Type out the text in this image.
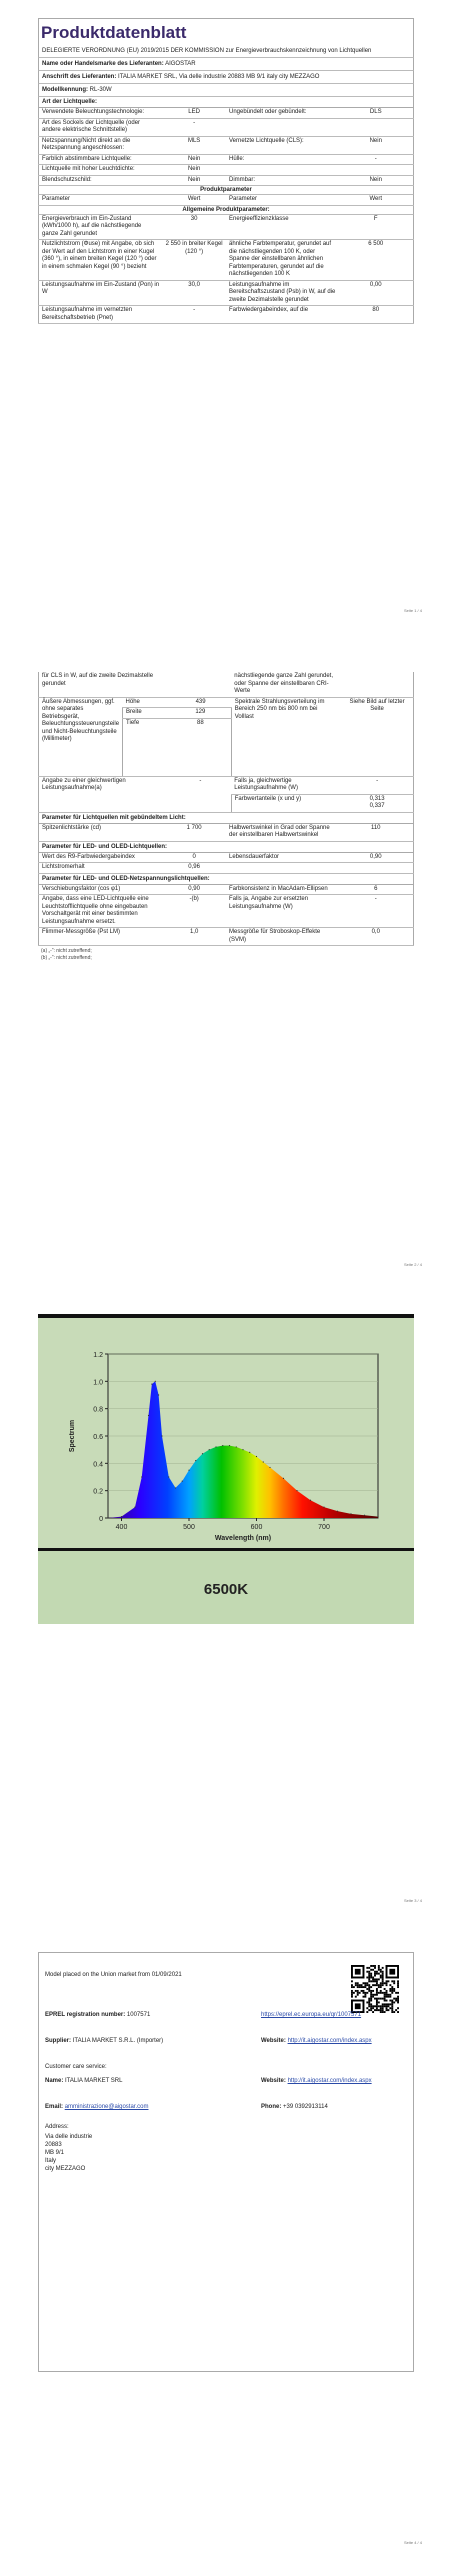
Produktdatenblatt
DELEGIERTE VERORDNUNG (EU) 2019/2015 DER KOMMISSION zur Energieverbrauchskennzeichnung von Lichtquellen
Name oder Handelsmarke des Lieferanten: AIGOSTAR
Anschrift des Lieferanten: ITALIA MARKET SRL, Via delle industrie 20883 MB 9/1 italy city MEZZAGO
Modellkennung: RL-30W
Art der Lichtquelle:
Verwendete Beleuchtungstechnologie:	LED	Ungebündelt oder gebündelt:	DLS
Art des Sockels der Lichtquelle (oder andere elektrische Schnittstelle)	-		
Netzspannung/Nicht direkt an die Netzspannung angeschlossen:	MLS	Vernetzte Lichtquelle (CLS):	Nein
Farblich abstimmbare Lichtquelle:	Nein	Hülle:	-
Lichtquelle mit hoher Leuchtdichte:	Nein		
Blendschutzschild:	Nein	Dimmbar:	Nein
Produktparameter
Parameter	Wert	Parameter	Wert
Allgemeine Produktparameter:
Energieverbrauch im Ein-Zustand (kWh/1000 h), auf die nächstliegende ganze Zahl gerundet	30	Energieeffizienzklasse	F
Nutzlichtstrom (Φuse) mit Angabe, ob sich der Wert auf den Lichtstrom in einer Kugel (360 °), in einem breiten Kegel (120 °) oder in einem schmalen Kegel (90 °) bezieht	2 550 in breiter Kegel (120 °)	ähnliche Farbtemperatur, gerundet auf die nächstliegenden 100 K, oder Spanne der einstellbaren ähnlichen Farbtemperaturen, gerundet auf die nächstliegenden 100 K	6 500
Leistungsaufnahme im Ein-Zustand (Pon) in W	30,0	Leistungsaufnahme im Bereitschaftszustand (Psb) in W, auf die zweite Dezimalstelle gerundet	0,00
Leistungsaufnahme im vernetzten Bereitschaftsbetrieb (Pnet)	-	Farbwiedergabeindex, auf die	80
Seite 1 / 4
für CLS in W, auf die zweite Dezimalstelle gerundet			nächstliegende ganze Zahl gerundet, oder Spanne der einstellbaren CRI-Werte	
Äußere Abmessungen, ggf. ohne separates Betriebsgerät, Beleuchtungssteuerungsteile und Nicht-Beleuchtungsteile (Millimeter)	Höhe	439	Spektrale Strahlungsverteilung im Bereich 250 nm bis 800 nm bei Volllast	Siehe Bild auf letzter Seite
	Breite	129		
	Tiefe	88		
Angabe zu einer gleichwertigen Leistungsaufnahme(a)		-	Falls ja, gleichwertige Leistungsaufnahme (W)	-
			Farbwertanteile (x und y)	0,313
0,337
Parameter für Lichtquellen mit gebündeltem Licht:
Spitzenlichtstärke (cd)	1 700	Halbwertswinkel in Grad oder Spanne der einstellbaren Halbwertswinkel	110
Parameter für LED- und OLED-Lichtquellen:
Wert des R9-Farbwiedergabeindex	0	Lebensdauerfaktor	0,90
Lichtstromerhalt	0,96		
Parameter für LED- und OLED-Netzspannungslichtquellen:
Verschiebungsfaktor (cos φ1)	0,90	Farbkonsistenz in MacAdam-Ellipsen	6
Angabe, dass eine LED-Lichtquelle eine Leuchtstofflichtquelle ohne eingebauten Vorschaltgerät mit einer bestimmten Leistungsaufnahme ersetzt.	-(b)	Falls ja, Angabe zur ersetzten Leistungsaufnahme (W)	-
Flimmer-Messgröße (Pst LM)	1,0	Messgröße für Stroboskop-Effekte (SVM)	0,0
(a) „-“: nicht zutreffend;
(b) „-“: nicht zutreffend;
Seite 2 / 4
0
0.2
0.4
0.6
0.8
1.0
1.2
400	500	600	700
Wavelength (nm)
Spectrum
6500K
Seite 3 / 4
Model placed on the Union market from 01/09/2021
EPREL registration number: 1007571	https://eprel.ec.europa.eu/qr/1007571
Supplier: ITALIA MARKET S.R.L. (Importer)	Website: http://it.aigostar.com/index.aspx
Customer care service:
Name: ITALIA MARKET SRL	Website: http://it.aigostar.com/index.aspx
Email: amministrazione@aigostar.com	Phone: +39 0392913114
Address:
Via delle industrie
20883
MB 9/1
Italy
city MEZZAGO
Seite 4 / 4
